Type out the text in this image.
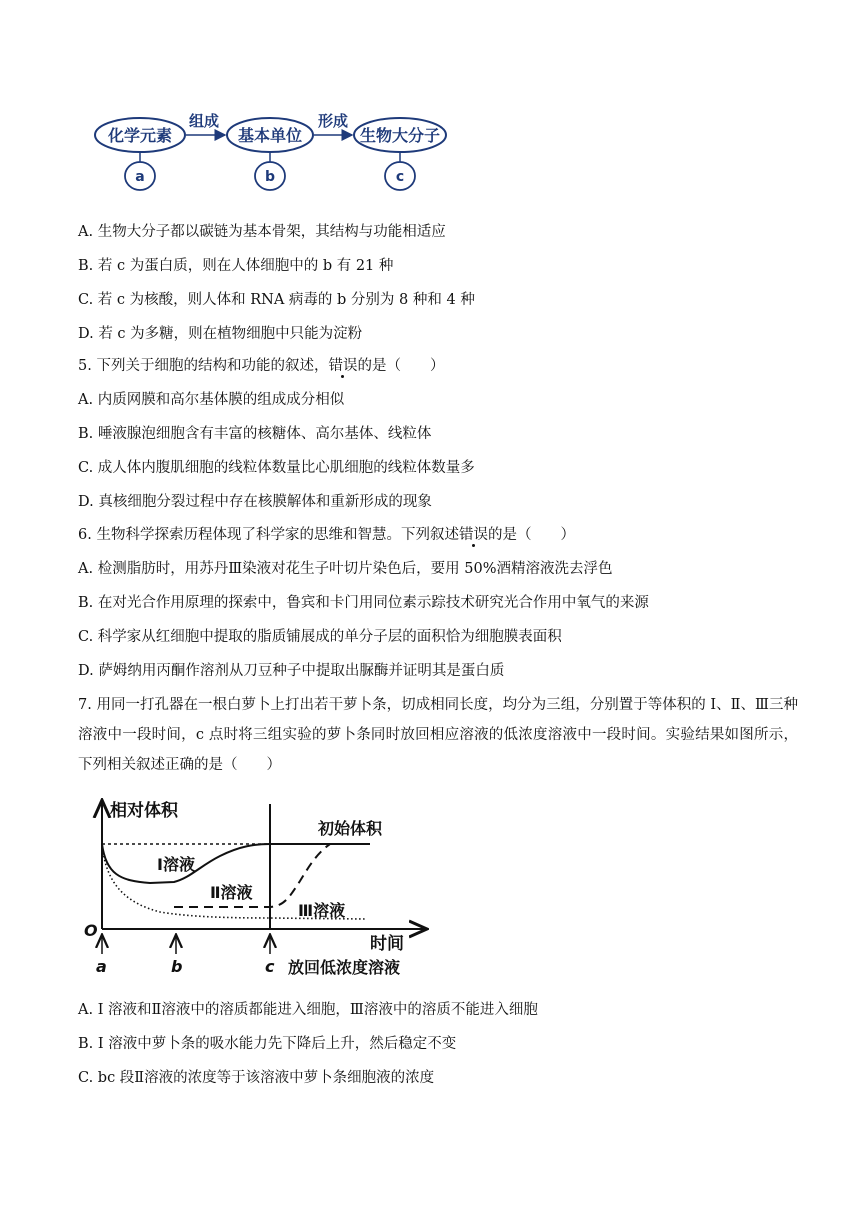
化学元素	基本单位	生物大分子
组成	形成
a	b	c
A. 生物大分子都以碳链为基本骨架，其结构与功能相适应
B. 若 c 为蛋白质，则在人体细胞中的 b 有 21 种
C. 若 c 为核酸，则人体和 RNA 病毒的 b 分别为 8 种和 4 种
D. 若 c 为多糖，则在植物细胞中只能为淀粉
5. 下列关于细胞的结构和功能的叙述，错误的是（　　）
A. 内质网膜和高尔基体膜的组成成分相似
B. 唾液腺泡细胞含有丰富的核糖体、高尔基体、线粒体
C. 成人体内腹肌细胞的线粒体数量比心肌细胞的线粒体数量多
D. 真核细胞分裂过程中存在核膜解体和重新形成的现象
6. 生物科学探索历程体现了科学家的思维和智慧。下列叙述错误的是（　　）
A. 检测脂肪时，用苏丹Ⅲ染液对花生子叶切片染色后，要用 50%酒精溶液洗去浮色
B. 在对光合作用原理的探索中，鲁宾和卡门用同位素示踪技术研究光合作用中氧气的来源
C. 科学家从红细胞中提取的脂质铺展成的单分子层的面积恰为细胞膜表面积
D. 萨姆纳用丙酮作溶剂从刀豆种子中提取出脲酶并证明其是蛋白质
7. 用同一打孔器在一根白萝卜上打出若干萝卜条，切成相同长度，均分为三组，分别置于等体积的 I、Ⅱ、Ⅲ三种溶液中一段时间，c 点时将三组实验的萝卜条同时放回相应溶液的低浓度溶液中一段时间。实验结果如图所示，下列相关叙述正确的是（　　）
相对体积
时间
O
初始体积
I溶液
Ⅱ溶液
Ⅲ溶液
a	b	c 放回低浓度溶液
A. I 溶液和Ⅱ溶液中的溶质都能进入细胞，Ⅲ溶液中的溶质不能进入细胞
B. I 溶液中萝卜条的吸水能力先下降后上升，然后稳定不变
C. bc 段Ⅱ溶液的浓度等于该溶液中萝卜条细胞液的浓度
